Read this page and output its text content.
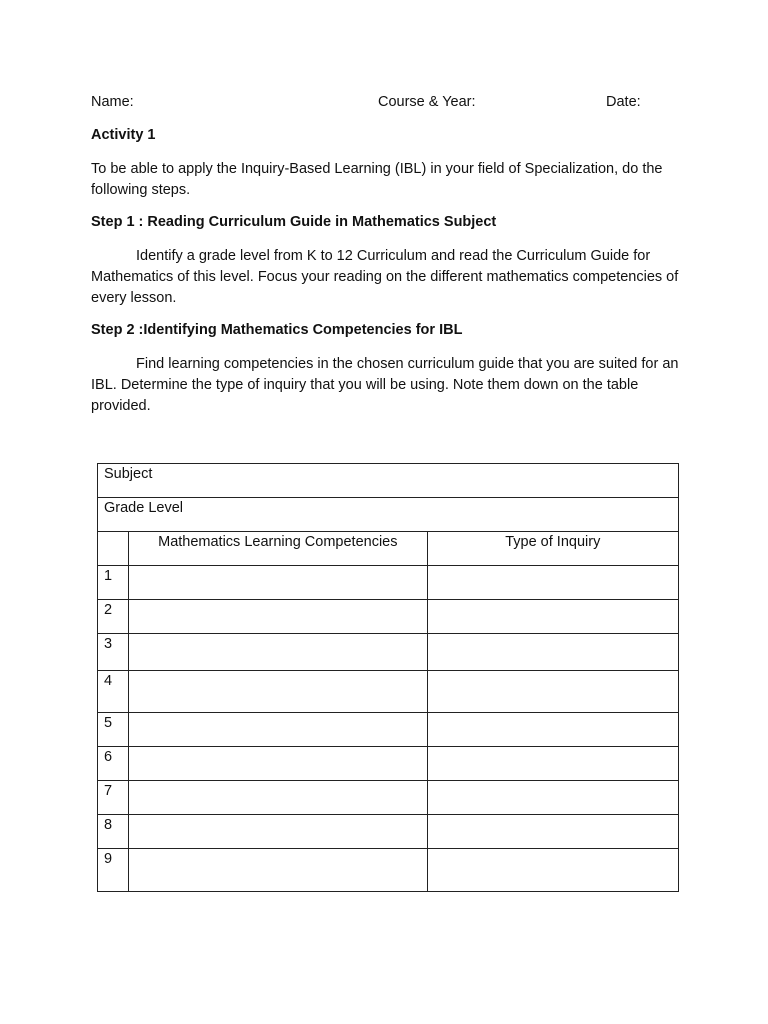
Name:	Course & Year:	Date:
Activity 1
To be able to apply the Inquiry-Based Learning (IBL) in your field of Specialization, do the following steps.
Step 1 : Reading Curriculum Guide in Mathematics Subject
Identify a grade level from K to 12 Curriculum and read the Curriculum Guide for Mathematics of this level. Focus your reading on the different mathematics competencies of every lesson.
Step 2 :Identifying Mathematics Competencies for IBL
Find learning competencies in the chosen curriculum guide that you are suited for an IBL. Determine the type of inquiry that you will be using. Note them down on the table provided.
Subject		
Grade Level		
	Mathematics Learning Competencies	Type of Inquiry
1		
2		
3		
4		
5		
6		
7		
8		
9		
